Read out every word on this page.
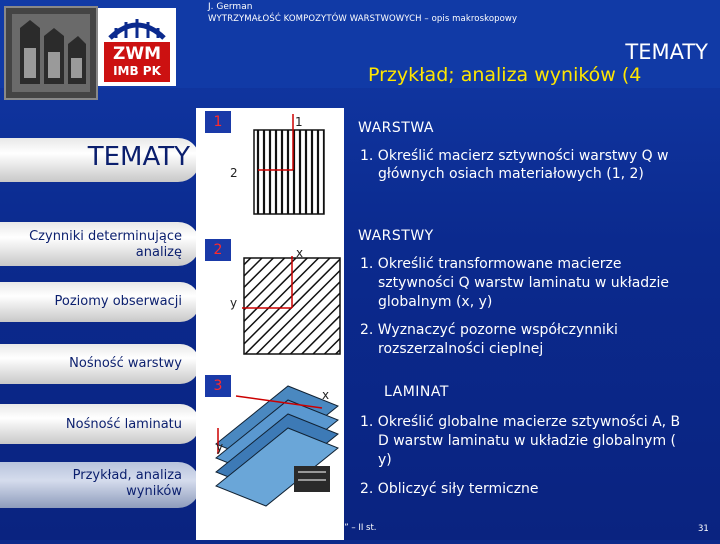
ZWM
IMB PK
J. German
WYTRZYMAŁOŚĆ KOMPOZYTÓW WARSTWOWYCH – opis makroskopowy
TEMATY
Przykład; analiza wyników (4
TEMATY
Czynniki determinujące analizę
Poziomy obserwacji
Nośność warstwy
Nośność laminatu
Przykład, analiza wyników
1
2
3
1
2
x
y
x
y
WARSTWA
1. Określić macierz sztywności warstwy Q w
głównych osiach materiałowych (1, 2)
WARSTWY
1. Określić transformowane macierze
sztywności Q warstw laminatu w układzie
globalnym (x, y)
2. Wyznaczyć pozorne współczynniki
rozszerzalności cieplnej
LAMINAT
1. Określić globalne macierze sztywności A, B
D warstw laminatu w układzie globalnym (
y)
2. Obliczyć siły termiczne
Wykład „Mechanika kompozytów” – II st.	31
